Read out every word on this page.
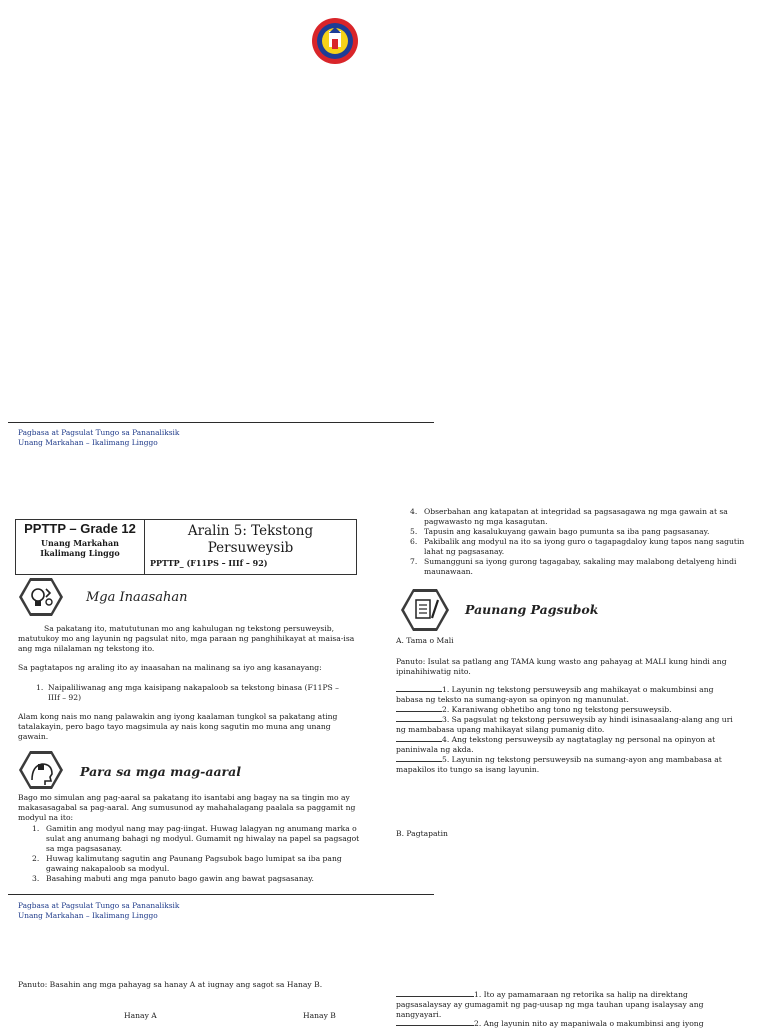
Pagbasa at Pagsulat Tungo sa Pananaliksik
Unang Markahan – Ikalimang Linggo
PPTTP – Grade 12
Unang Markahan
Ikalimang Linggo
Aralin 5: Tekstong Persuweysib
PPTTP_ (F11PS – IIIf – 92)
Mga Inaasahan
Sa pakatang ito, matututunan mo ang kahulugan ng tekstong persuweysib, matutukoy mo ang layunin ng pagsulat nito, mga paraan ng panghihikayat at maisa-isa ang mga nilalaman ng tekstong ito.
Sa pagtatapos ng araling ito ay inaasahan na malinang sa iyo ang kasanayang:
1. Naipaliliwanag ang mga kaisipang nakapaloob sa tekstong binasa (F11PS – IIIf – 92)
Alam kong nais mo nang palawakin ang iyong kaalaman tungkol sa pakatang ating tatalakayin, pero bago tayo magsimula ay nais kong sagutin mo muna ang unang gawain.
Para sa mga mag-aaral
Bago mo simulan ang pag-aaral sa pakatang ito isantabi ang bagay na sa tingin mo ay makasasagabal sa pag-aaral. Ang sumusunod ay mahahalagang paalala sa paggamit ng modyul na ito:
1. Gamitin ang modyul nang may pag-iingat. Huwag lalagyan ng anumang marka o sulat ang anumang bahagi ng modyul. Gumamit ng hiwalay na papel sa pagsagot sa mga pagsasanay.
2. Huwag kalimutang sagutin ang Paunang Pagsubok bago lumipat sa iba pang gawaing nakapaloob sa modyul.
3. Basahing mabuti ang mga panuto bago gawin ang bawat pagsasanay.
4. Obserbahan ang katapatan at integridad sa pagsasagawa ng mga gawain at sa pagwawasto ng mga kasagutan.
5. Tapusin ang kasalukuyang gawain bago pumunta sa iba pang pagsasanay.
6. Pakibalik ang modyul na ito sa iyong guro o tagapagdaloy kung tapos nang sagutin lahat ng pagsasanay.
7. Sumangguni sa iyong gurong tagagabay, sakaling may malabong detalyeng hindi maunawaan.
Paunang Pagsubok
A. Tama o Mali
Panuto: Isulat sa patlang ang TAMA kung wasto ang pahayag at MALI kung hindi ang ipinahihiwatig nito.
1. Layunin ng tekstong persuweysib ang mahikayat o makumbinsi ang babasa ng teksto na sumang-ayon sa opinyon ng manunulat.
2. Karaniwang obhetibo ang tono ng tekstong persuweysib.
3. Sa pagsulat ng tekstong persuweysib ay hindi isinasaalang-alang ang uri ng mambabasa upang mahikayat silang pumanig dito.
4. Ang tekstong persuweysib ay nagtataglay ng personal na opinyon at paniniwala ng akda.
5. Layunin ng tekstong persuweysib na sumang-ayon ang mambabasa at mapakilos ito tungo sa isang layunin.
B. Pagtapatin
Pagbasa at Pagsulat Tungo sa Pananaliksik
Unang Markahan – Ikalimang Linggo
Panuto: Basahin ang mga pahayag sa hanay A at iugnay ang sagot sa Hanay B.
Hanay A	Hanay B
1. Ito ay pamamaraan ng retorika sa halip na direktang pagsasalaysay ay gumagamit ng pag-uusap ng mga tauhan upang isalaysay ang nangyayari.
2. Ang layunin nito ay mapaniwala o makumbinsi ang iyong
